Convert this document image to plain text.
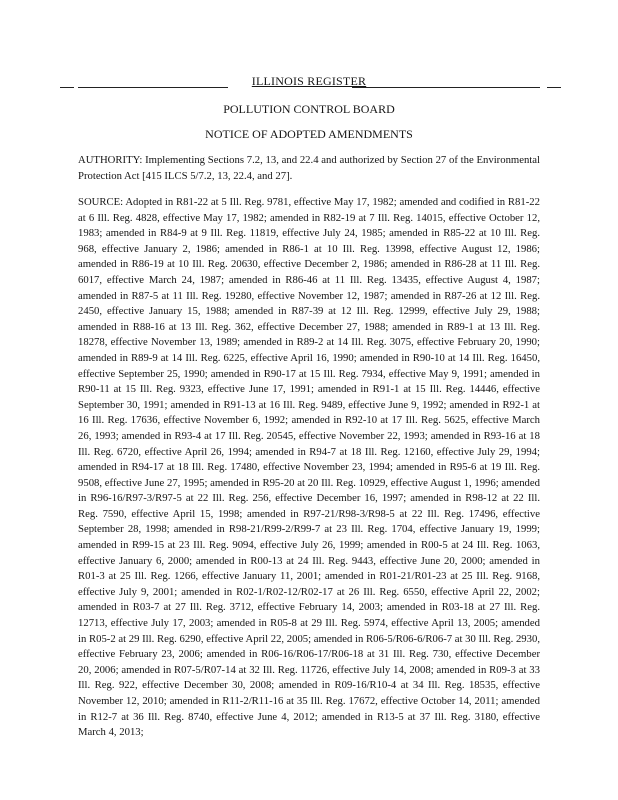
ILLINOIS REGISTER
POLLUTION CONTROL BOARD
NOTICE OF ADOPTED AMENDMENTS

AUTHORITY: Implementing Sections 7.2, 13, and 22.4 and authorized by Section 27 of the Environmental Protection Act [415 ILCS 5/7.2, 13, 22.4, and 27].

SOURCE: Adopted in R81-22 at 5 Ill. Reg. 9781, effective May 17, 1982; amended and codified in R81-22 at 6 Ill. Reg. 4828, effective May 17, 1982; amended in R82-19 at 7 Ill. Reg. 14015, effective October 12, 1983; amended in R84-9 at 9 Ill. Reg. 11819, effective July 24, 1985; amended in R85-22 at 10 Ill. Reg. 968, effective January 2, 1986; amended in R86-1 at 10 Ill. Reg. 13998, effective August 12, 1986; amended in R86-19 at 10 Ill. Reg. 20630, effective December 2, 1986; amended in R86-28 at 11 Ill. Reg. 6017, effective March 24, 1987; amended in R86-46 at 11 Ill. Reg. 13435, effective August 4, 1987; amended in R87-5 at 11 Ill. Reg. 19280, effective November 12, 1987; amended in R87-26 at 12 Ill. Reg. 2450, effective January 15, 1988; amended in R87-39 at 12 Ill. Reg. 12999, effective July 29, 1988; amended in R88-16 at 13 Ill. Reg. 362, effective December 27, 1988; amended in R89-1 at 13 Ill. Reg. 18278, effective November 13, 1989; amended in R89-2 at 14 Ill. Reg. 3075, effective February 20, 1990; amended in R89-9 at 14 Ill. Reg. 6225, effective April 16, 1990; amended in R90-10 at 14 Ill. Reg. 16450, effective September 25, 1990; amended in R90-17 at 15 Ill. Reg. 7934, effective May 9, 1991; amended in R90-11 at 15 Ill. Reg. 9323, effective June 17, 1991; amended in R91-1 at 15 Ill. Reg. 14446, effective September 30, 1991; amended in R91-13 at 16 Ill. Reg. 9489, effective June 9, 1992; amended in R92-1 at 16 Ill. Reg. 17636, effective November 6, 1992; amended in R92-10 at 17 Ill. Reg. 5625, effective March 26, 1993; amended in R93-4 at 17 Ill. Reg. 20545, effective November 22, 1993; amended in R93-16 at 18 Ill. Reg. 6720, effective April 26, 1994; amended in R94-7 at 18 Ill. Reg. 12160, effective July 29, 1994; amended in R94-17 at 18 Ill. Reg. 17480, effective November 23, 1994; amended in R95-6 at 19 Ill. Reg. 9508, effective June 27, 1995; amended in R95-20 at 20 Ill. Reg. 10929, effective August 1, 1996; amended in R96-16/R97-3/R97-5 at 22 Ill. Reg. 256, effective December 16, 1997; amended in R98-12 at 22 Ill. Reg. 7590, effective April 15, 1998; amended in R97-21/R98-3/R98-5 at 22 Ill. Reg. 17496, effective September 28, 1998; amended in R98-21/R99-2/R99-7 at 23 Ill. Reg. 1704, effective January 19, 1999; amended in R99-15 at 23 Ill. Reg. 9094, effective July 26, 1999; amended in R00-5 at 24 Ill. Reg. 1063, effective January 6, 2000; amended in R00-13 at 24 Ill. Reg. 9443, effective June 20, 2000; amended in R01-3 at 25 Ill. Reg. 1266, effective January 11, 2001; amended in R01-21/R01-23 at 25 Ill. Reg. 9168, effective July 9, 2001; amended in R02-1/R02-12/R02-17 at 26 Ill. Reg. 6550, effective April 22, 2002; amended in R03-7 at 27 Ill. Reg. 3712, effective February 14, 2003; amended in R03-18 at 27 Ill. Reg. 12713, effective July 17, 2003; amended in R05-8 at 29 Ill. Reg. 5974, effective April 13, 2005; amended in R05-2 at 29 Ill. Reg. 6290, effective April 22, 2005; amended in R06-5/R06-6/R06-7 at 30 Ill. Reg. 2930, effective February 23, 2006; amended in R06-16/R06-17/R06-18 at 31 Ill. Reg. 730, effective December 20, 2006; amended in R07-5/R07-14 at 32 Ill. Reg. 11726, effective July 14, 2008; amended in R09-3 at 33 Ill. Reg. 922, effective December 30, 2008; amended in R09-16/R10-4 at 34 Ill. Reg. 18535, effective November 12, 2010; amended in R11-2/R11-16 at 35 Ill. Reg. 17672, effective October 14, 2011; amended in R12-7 at 36 Ill. Reg. 8740, effective June 4, 2012; amended in R13-5 at 37 Ill. Reg. 3180, effective March 4, 2013;
